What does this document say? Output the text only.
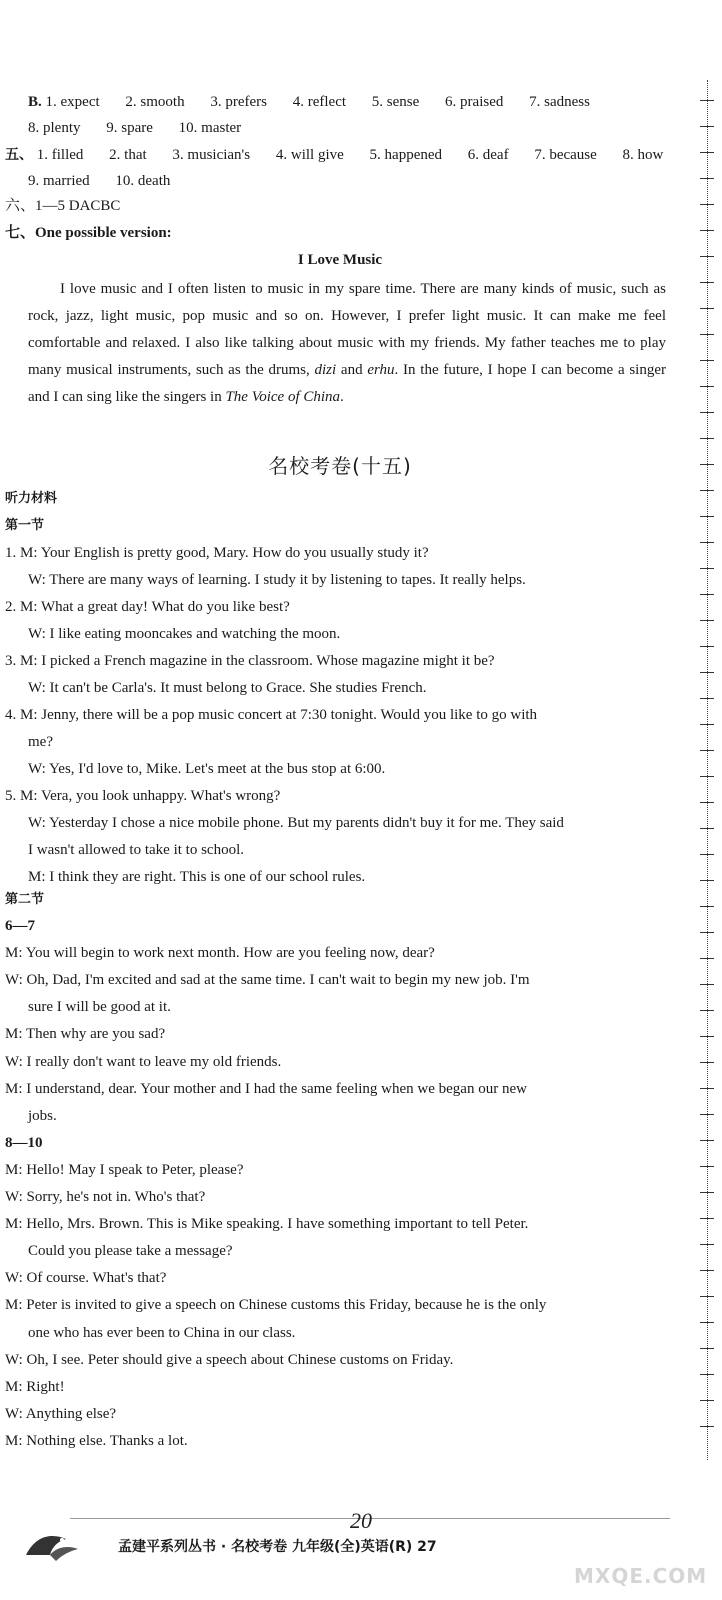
B. 1. expect 2. smooth 3. prefers 4. reflect 5. sense 6. praised 7. sadness
8. plenty 9. spare 10. master
五、 1. filled 2. that 3. musician's 4. will give 5. happened 6. deaf 7. because 8. how
9. married 10. death
六、1—5 DACBC
七、One possible version:
I Love Music
I love music and I often listen to music in my spare time. There are many kinds of music, such as rock, jazz, light music, pop music and so on. However, I prefer light music. It can make me feel comfortable and relaxed. I also like talking about music with my friends. My father teaches me to play many musical instruments, such as the drums, dizi and erhu. In the future, I hope I can become a singer and I can sing like the singers in The Voice of China.
名校考卷(十五)
听力材料
第一节
1. M: Your English is pretty good, Mary. How do you usually study it?
W: There are many ways of learning. I study it by listening to tapes. It really helps.
2. M: What a great day! What do you like best?
W: I like eating mooncakes and watching the moon.
3. M: I picked a French magazine in the classroom. Whose magazine might it be?
W: It can't be Carla's. It must belong to Grace. She studies French.
4. M: Jenny, there will be a pop music concert at 7:30 tonight. Would you like to go with
me?
W: Yes, I'd love to, Mike. Let's meet at the bus stop at 6:00.
5. M: Vera, you look unhappy. What's wrong?
W: Yesterday I chose a nice mobile phone. But my parents didn't buy it for me. They said
I wasn't allowed to take it to school.
M: I think they are right. This is one of our school rules.
第二节
6—7
M: You will begin to work next month. How are you feeling now, dear?
W: Oh, Dad, I'm excited and sad at the same time. I can't wait to begin my new job. I'm
sure I will be good at it.
M: Then why are you sad?
W: I really don't want to leave my old friends.
M: I understand, dear. Your mother and I had the same feeling when we began our new
jobs.
8—10
M: Hello! May I speak to Peter, please?
W: Sorry, he's not in. Who's that?
M: Hello, Mrs. Brown. This is Mike speaking. I have something important to tell Peter.
Could you please take a message?
W: Of course. What's that?
M: Peter is invited to give a speech on Chinese customs this Friday, because he is the only
one who has ever been to China in our class.
W: Oh, I see. Peter should give a speech about Chinese customs on Friday.
M: Right!
W: Anything else?
M: Nothing else. Thanks a lot.
20
孟建平系列丛书 · 名校考卷 九年级(全)英语(R) 27
MXQE.COM
